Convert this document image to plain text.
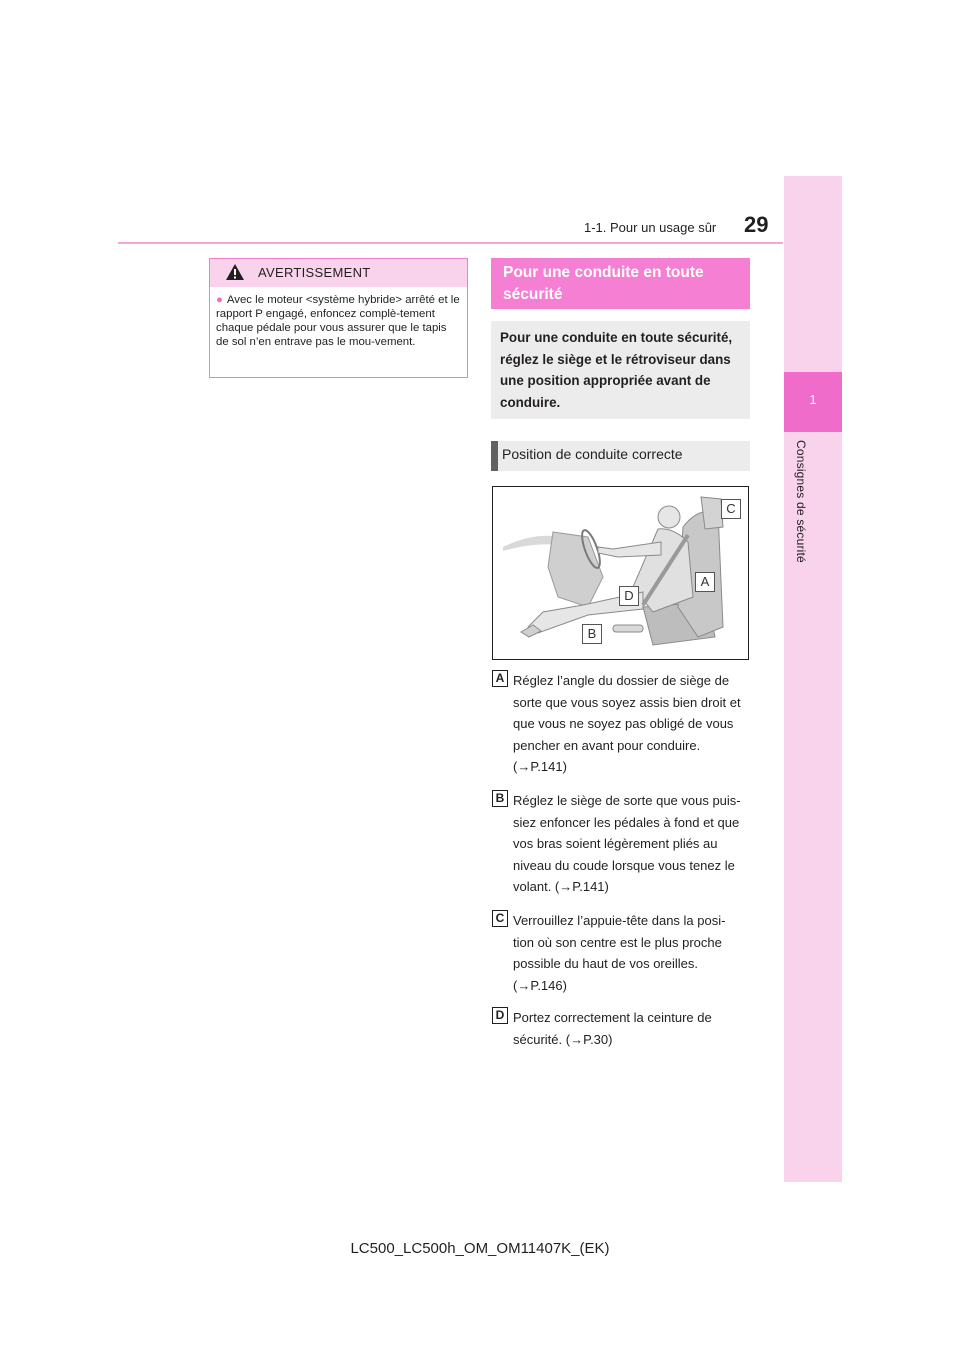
1-1. Pour un usage sûr 29
1
Consignes de sécurité
AVERTISSEMENT
● Avec le moteur <système hybride> arrêté et le rapport P engagé, enfoncez complè-tement chaque pédale pour vous assurer que le tapis de sol n’en entrave pas le mou-vement.
Pour une conduite en toute sécurité
Pour une conduite en toute sécurité, réglez le siège et le rétroviseur dans une position appropriée avant de conduire.
Position de conduite correcte
C
A
D
B
A Réglez l’angle du dossier de siège de sorte que vous soyez assis bien droit et que vous ne soyez pas obligé de vous pencher en avant pour conduire. (→P.141)
B Réglez le siège de sorte que vous puis-siez enfoncer les pédales à fond et que vos bras soient légèrement pliés au niveau du coude lorsque vous tenez le volant. (→P.141)
C Verrouillez l’appuie-tête dans la posi-tion où son centre est le plus proche possible du haut de vos oreilles. (→P.146)
D Portez correctement la ceinture de sécurité. (→P.30)
LC500_LC500h_OM_OM11407K_(EK)
